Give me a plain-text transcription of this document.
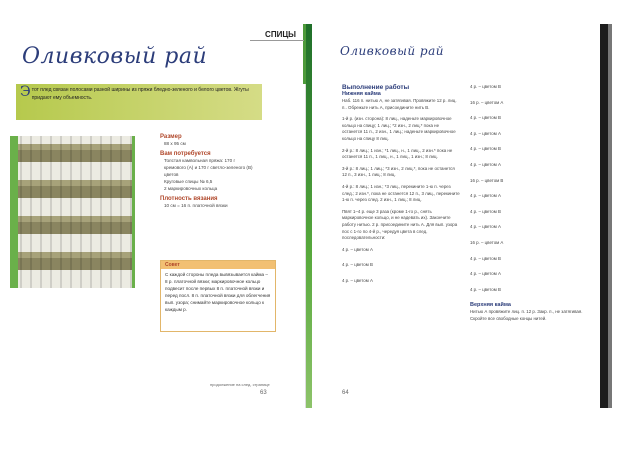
СПИЦЫ
Оливковый рай

Этот плед связан полосами разной ширины из пряжи бледно-зеленого и белого цветов. Жгуты придают ему объемность.

Размер

88 х 95 см

Вам потребуется

Толстая камвольная пряжа: 170 г

кремового (А) и 170 г светло-зеленого (В)

цветов

Круговые спицы № 6,5

2 маркировочных кольца

Плотность вязания

10 см = 16 п. платочной вязки

Совет

С каждой стороны пледа вывязывается кайма – 8 р. платочной вязки; маркировочное кольцо подвесит после первых 8 п. платочной вязки и перед посл. 8 п. платочной вязки для облегчения вып. узора; снимайте маркировочное кольцо к каждым р.

продолжение на след. странице
63
Оливковый рай
Выполнение работы
Нижняя кайма

Наб. 116 п. нитью А, не затягивая. Провяжите 12 р. лиц. п.. Обрежьте нить А, присоедините нить В.

1-й р. (изн. сторона): 8 лиц., наденьте маркировочное кольцо на спицу; 1 лиц.; *2 изн., 2 лиц.* пока не останется 11 п., 2 изн., 1 лиц.; наденьте маркировочное кольцо на спицу 8 лиц.

2-й р.: 8 лиц.; 1 изн.; *1 лиц., н., 1 лиц., 2 изн.* пока не останется 11 п., 1 лиц., н., 1 лиц., 1 изн.; 8 лиц.

3-й р.: 8 лиц.; 1 лиц.; *3 изн., 2 лиц.*, пока не останется 12 п., 3 изн., 1 лиц.; 8 лиц.

4-й р.: 8 лиц.; 1 изн.; *3 лиц., перекините 1-ю п. через след.; 2 изн.*, пока не останется 12 п., 3 лиц., перекините 1-ю п. через след. 2 изн., 1 лиц.; 8 лиц.

Пвят 1–4 р. еще 3 раза (кроме 1-го р., снять маркировочное кольцо, и не надевать их). Закончите работу нитью. 2 р. присоедините нить А. Для вып. узора пос с 1-го по 4-й р., чередуя цвета в след. последовательности:

4 р. – цветом А

4 р. – цветом В

4 р. – цветом А

4 р. – цветом В

16 р. – цветом А

4 р. – цветом В

4 р. – цветом А

4 р. – цветом В

4 р. – цветом А

16 р. – цветом В

4 р. – цветом А

4 р. – цветом В

4 р. – цветом А

16 р. – цветом А

4 р. – цветом В

4 р. – цветом А

4 р. – цветом В

Верхняя кайма

Нитью А провяжите лиц. п. 12 р. Закр. п., не затягивая. Скройте все свободные концы нитей.

64
